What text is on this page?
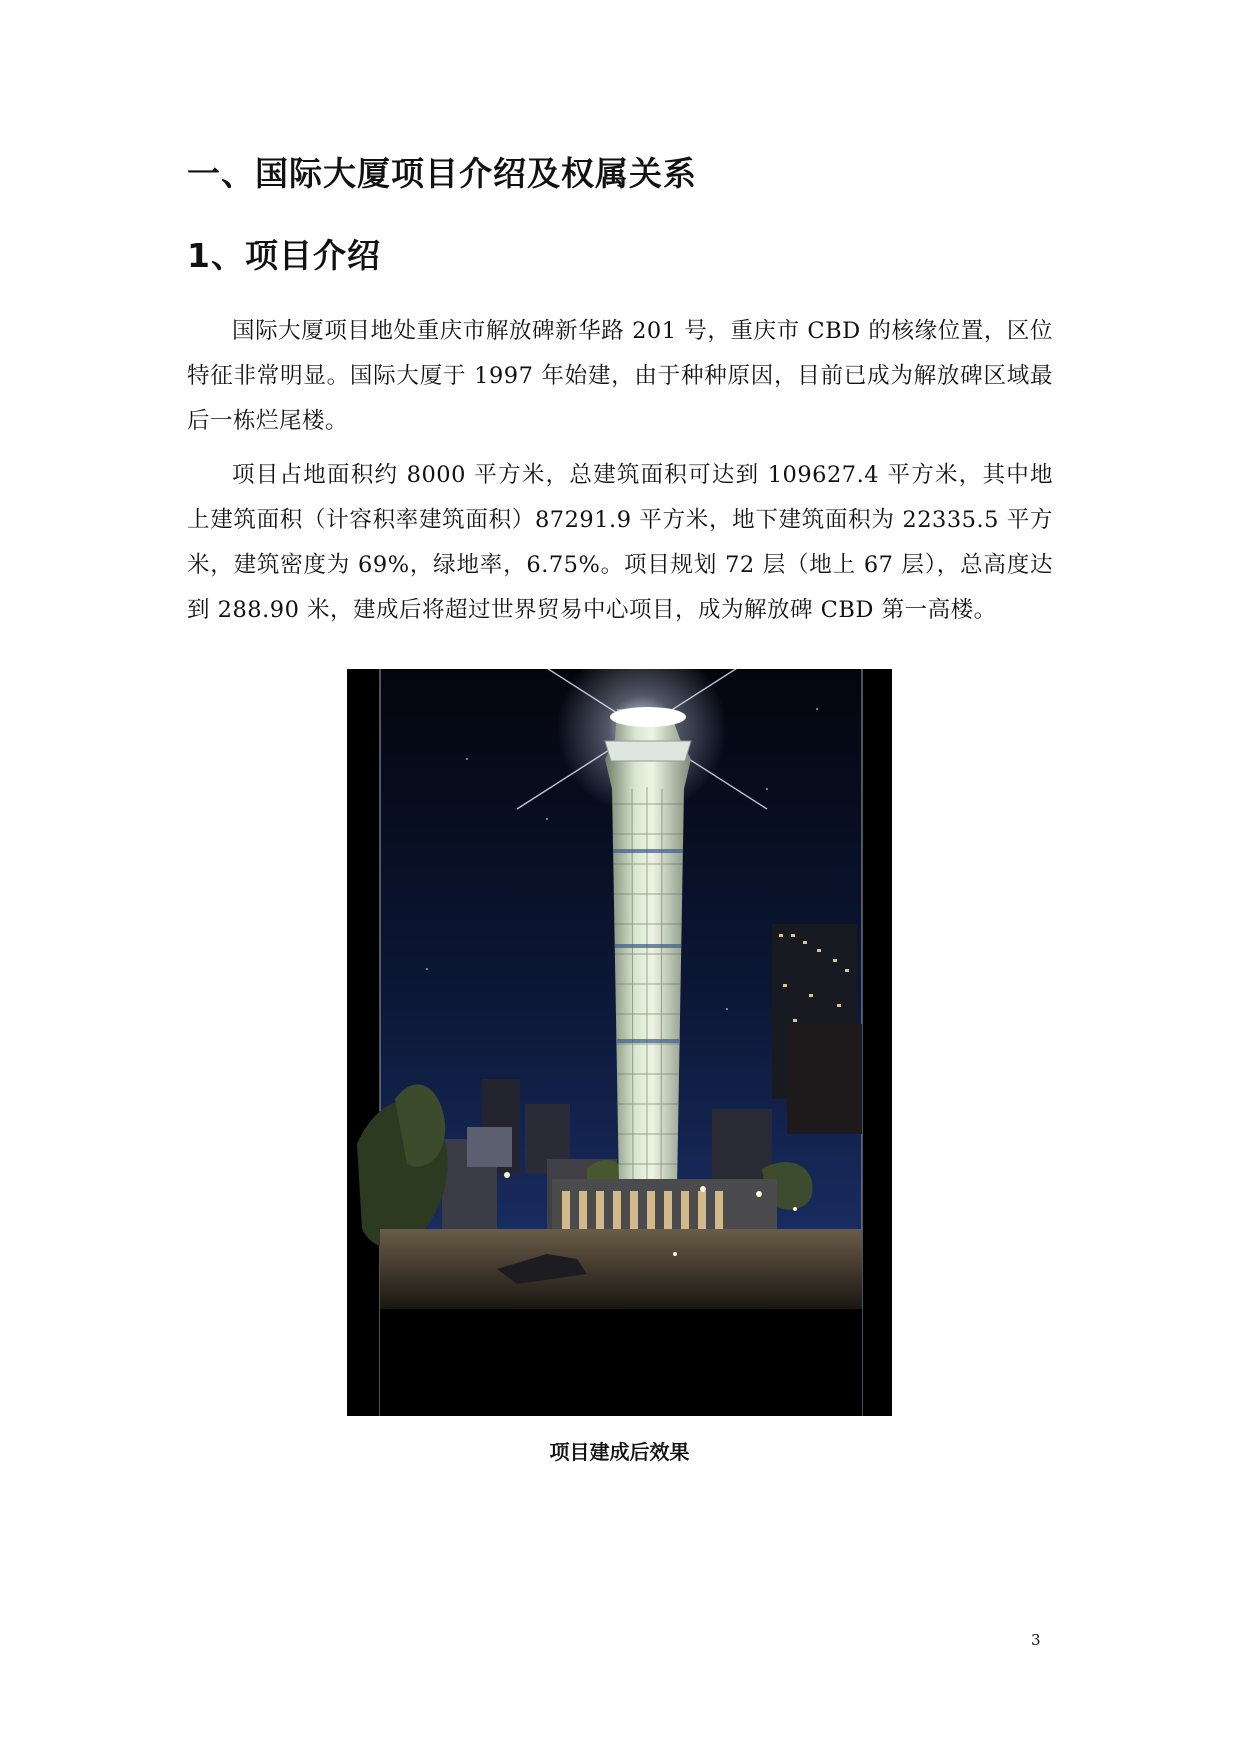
一、国际大厦项目介绍及权属关系
1、项目介绍

国际大厦项目地处重庆市解放碑新华路 201 号，重庆市 CBD 的核缘位置，区位特征非常明显。国际大厦于 1997 年始建，由于种种原因，目前已成为解放碑区域最后一栋烂尾楼。

项目占地面积约 8000 平方米，总建筑面积可达到 109627.4 平方米，其中地上建筑面积（计容积率建筑面积）87291.9 平方米，地下建筑面积为 22335.5 平方米，建筑密度为 69%，绿地率，6.75%。项目规划 72 层（地上 67 层），总高度达到 288.90 米，建成后将超过世界贸易中心项目，成为解放碑 CBD 第一高楼。

项目建成后效果
3
